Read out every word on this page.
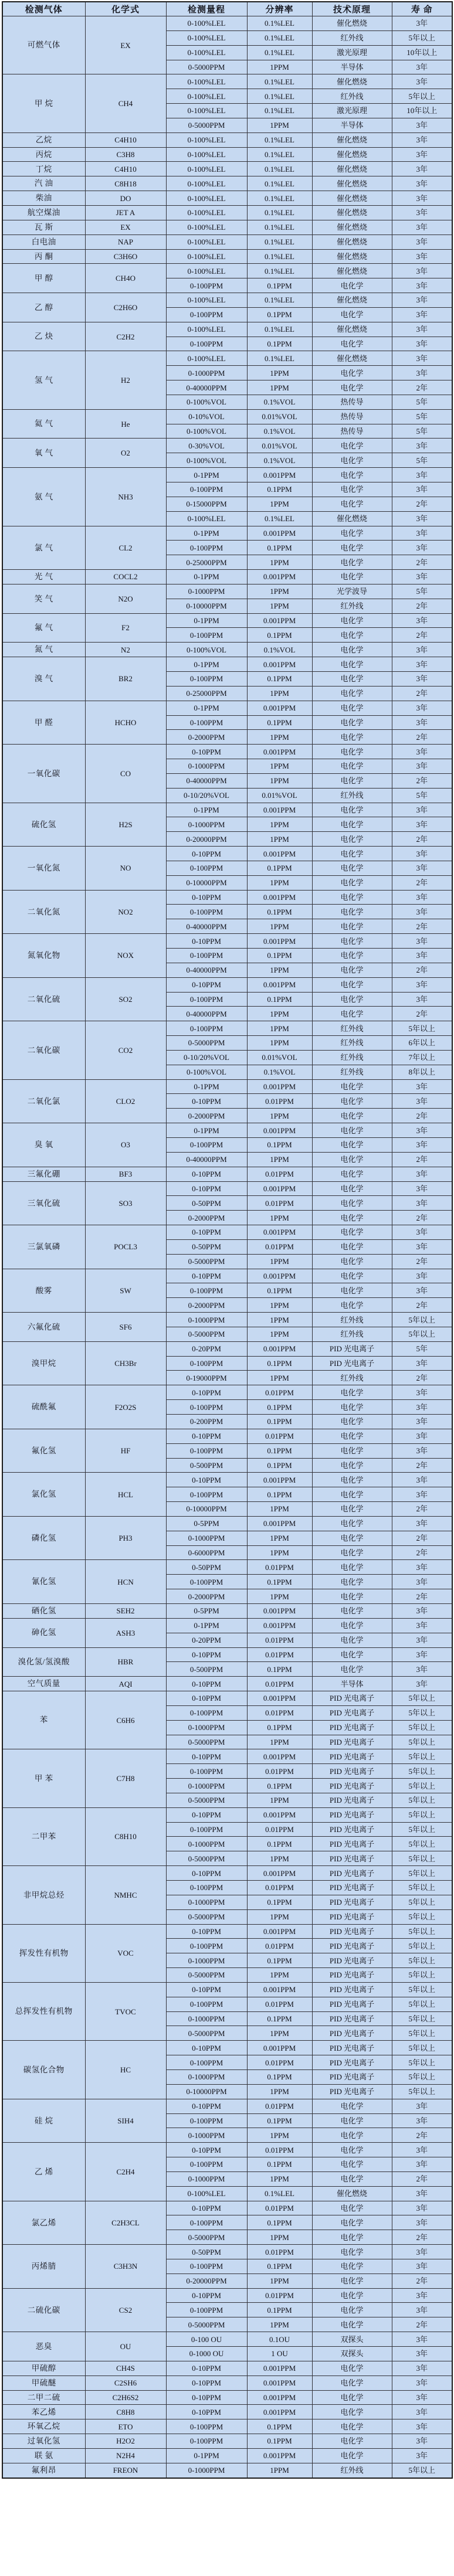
检测气体	化学式	检测量程	分辨率	技术原理	寿 命
可燃气体	EX	0-100%LEL	0.1%LEL	催化燃烧	3年
		0-100%LEL	0.1%LEL	红外线	5年以上
		0-100%LEL	0.1%LEL	激光原理	10年以上
		0-5000PPM	1PPM	半导体	3年
甲 烷	CH4	0-100%LEL	0.1%LEL	催化燃烧	3年
		0-100%LEL	0.1%LEL	红外线	5年以上
		0-100%LEL	0.1%LEL	激光原理	10年以上
		0-5000PPM	1PPM	半导体	3年
乙烷	C4H10	0-100%LEL	0.1%LEL	催化燃烧	3年
丙烷	C3H8	0-100%LEL	0.1%LEL	催化燃烧	3年
丁烷	C4H10	0-100%LEL	0.1%LEL	催化燃烧	3年
汽 油	C8H18	0-100%LEL	0.1%LEL	催化燃烧	3年
柴油	DO	0-100%LEL	0.1%LEL	催化燃烧	3年
航空煤油	JET A	0-100%LEL	0.1%LEL	催化燃烧	3年
瓦 斯	EX	0-100%LEL	0.1%LEL	催化燃烧	3年
白电油	NAP	0-100%LEL	0.1%LEL	催化燃烧	3年
丙 酮	C3H6O	0-100%LEL	0.1%LEL	催化燃烧	3年
甲 醇	CH4O	0-100%LEL	0.1%LEL	催化燃烧	3年
		0-100PPM	0.1PPM	电化学	3年
乙 醇	C2H6O	0-100%LEL	0.1%LEL	催化燃烧	3年
		0-100PPM	0.1PPM	电化学	3年
乙 炔	C2H2	0-100%LEL	0.1%LEL	催化燃烧	3年
		0-100PPM	0.1PPM	电化学	3年
氢 气	H2	0-100%LEL	0.1%LEL	催化燃烧	3年
		0-1000PPM	1PPM	电化学	3年
		0-40000PPM	1PPM	电化学	2年
		0-100%VOL	0.1%VOL	热传导	5年
氦 气	He	0-10%VOL	0.01%VOL	热传导	5年
		0-100%VOL	0.1%VOL	热传导	5年
氧 气	O2	0-30%VOL	0.01%VOL	电化学	3年
		0-100%VOL	0.1%VOL	电化学	5年
氨 气	NH3	0-1PPM	0.001PPM	电化学	3年
		0-100PPM	0.1PPM	电化学	3年
		0-15000PPM	1PPM	电化学	2年
		0-100%LEL	0.1%LEL	催化燃烧	3年
氯 气	CL2	0-1PPM	0.001PPM	电化学	3年
		0-100PPM	0.1PPM	电化学	3年
		0-25000PPM	1PPM	电化学	2年
光 气	COCL2	0-1PPM	0.001PPM	电化学	3年
笑 气	N2O	0-1000PPM	1PPM	光学波导	5年
		0-10000PPM	1PPM	红外线	2年
氟 气	F2	0-1PPM	0.001PPM	电化学	3年
		0-100PPM	0.1PPM	电化学	2年
氮 气	N2	0-100%VOL	0.1%VOL	电化学	3年
溴 气	BR2	0-1PPM	0.001PPM	电化学	3年
		0-100PPM	0.1PPM	电化学	3年
		0-25000PPM	1PPM	电化学	2年
甲 醛	HCHO	0-1PPM	0.001PPM	电化学	3年
		0-100PPM	0.1PPM	电化学	3年
		0-2000PPM	1PPM	电化学	2年
一氧化碳	CO	0-10PPM	0.001PPM	电化学	3年
		0-1000PPM	1PPM	电化学	3年
		0-40000PPM	1PPM	电化学	2年
		0-10/20%VOL	0.01%VOL	红外线	5年
硫化氢	H2S	0-1PPM	0.001PPM	电化学	3年
		0-1000PPM	1PPM	电化学	3年
		0-20000PPM	1PPM	电化学	2年
一氧化氮	NO	0-10PPM	0.001PPM	电化学	3年
		0-100PPM	0.1PPM	电化学	3年
		0-10000PPM	1PPM	电化学	2年
二氧化氮	NO2	0-10PPM	0.001PPM	电化学	3年
		0-100PPM	0.1PPM	电化学	3年
		0-40000PPM	1PPM	电化学	2年
氮氧化物	NOX	0-10PPM	0.001PPM	电化学	3年
		0-100PPM	0.1PPM	电化学	3年
		0-40000PPM	1PPM	电化学	2年
二氧化硫	SO2	0-10PPM	0.001PPM	电化学	3年
		0-100PPM	0.1PPM	电化学	3年
		0-40000PPM	1PPM	电化学	2年
二氧化碳	CO2	0-100PPM	1PPM	红外线	5年以上
		0-5000PPM	1PPM	红外线	6年以上
		0-10/20%VOL	0.01%VOL	红外线	7年以上
		0-100%VOL	0.1%VOL	红外线	8年以上
二氧化氯	CLO2	0-1PPM	0.001PPM	电化学	3年
		0-10PPM	0.01PPM	电化学	3年
		0-2000PPM	1PPM	电化学	2年
臭 氧	O3	0-1PPM	0.001PPM	电化学	3年
		0-100PPM	0.1PPM	电化学	3年
		0-40000PPM	1PPM	电化学	2年
三氟化硼	BF3	0-10PPM	0.01PPM	电化学	3年
三氧化硫	SO3	0-10PPM	0.001PPM	电化学	3年
		0-50PPM	0.01PPM	电化学	3年
		0-2000PPM	1PPM	电化学	2年
三氯氧磷	POCL3	0-10PPM	0.001PPM	电化学	3年
		0-50PPM	0.01PPM	电化学	3年
		0-5000PPM	1PPM	电化学	2年
酸雾	SW	0-10PPM	0.001PPM	电化学	3年
		0-100PPM	0.1PPM	电化学	3年
		0-2000PPM	1PPM	电化学	2年
六氟化硫	SF6	0-1000PPM	1PPM	红外线	5年以上
		0-5000PPM	1PPM	红外线	5年以上
溴甲烷	CH3Br	0-20PPM	0.001PPM	PID 光电离子	5年
		0-100PPM	0.1PPM	PID 光电离子	3年
		0-19000PPM	1PPM	红外线	2年
硫酰氟	F2O2S	0-10PPM	0.01PPM	电化学	3年
		0-100PPM	0.1PPM	电化学	3年
		0-200PPM	0.1PPM	电化学	3年
氟化氢	HF	0-10PPM	0.01PPM	电化学	3年
		0-100PPM	0.1PPM	电化学	3年
		0-500PPM	0.1PPM	电化学	2年
氯化氢	HCL	0-10PPM	0.001PPM	电化学	3年
		0-100PPM	0.1PPM	电化学	3年
		0-10000PPM	1PPM	电化学	2年
磷化氢	PH3	0-5PPM	0.001PPM	电化学	3年
		0-1000PPM	1PPM	电化学	2年
		0-6000PPM	1PPM	电化学	2年
氰化氢	HCN	0-50PPM	0.01PPM	电化学	3年
		0-100PPM	0.1PPM	电化学	3年
		0-2000PPM	1PPM	电化学	2年
硒化氢	SEH2	0-5PPM	0.001PPM	电化学	3年
砷化氢	ASH3	0-1PPM	0.001PPM	电化学	3年
		0-20PPM	0.01PPM	电化学	3年
溴化氢/氢溴酸	HBR	0-10PPM	0.01PPM	电化学	3年
		0-500PPM	0.1PPM	电化学	3年
空气质量	AQI	0-10PPM	0.01PPM	半导体	3年
苯	C6H6	0-10PPM	0.001PPM	PID 光电离子	5年以上
		0-100PPM	0.01PPM	PID 光电离子	5年以上
		0-1000PPM	0.1PPM	PID 光电离子	5年以上
		0-5000PPM	1PPM	PID 光电离子	5年以上
甲 苯	C7H8	0-10PPM	0.001PPM	PID 光电离子	5年以上
		0-100PPM	0.01PPM	PID 光电离子	5年以上
		0-1000PPM	0.1PPM	PID 光电离子	5年以上
		0-5000PPM	1PPM	PID 光电离子	5年以上
二甲苯	C8H10	0-10PPM	0.001PPM	PID 光电离子	5年以上
		0-100PPM	0.01PPM	PID 光电离子	5年以上
		0-1000PPM	0.1PPM	PID 光电离子	5年以上
		0-5000PPM	1PPM	PID 光电离子	5年以上
非甲烷总烃	NMHC	0-10PPM	0.001PPM	PID 光电离子	5年以上
		0-100PPM	0.01PPM	PID 光电离子	5年以上
		0-1000PPM	0.1PPM	PID 光电离子	5年以上
		0-5000PPM	1PPM	PID 光电离子	5年以上
挥发性有机物	VOC	0-10PPM	0.001PPM	PID 光电离子	5年以上
		0-100PPM	0.01PPM	PID 光电离子	5年以上
		0-1000PPM	0.1PPM	PID 光电离子	5年以上
		0-5000PPM	1PPM	PID 光电离子	5年以上
总挥发性有机物	TVOC	0-10PPM	0.001PPM	PID 光电离子	5年以上
		0-100PPM	0.01PPM	PID 光电离子	5年以上
		0-1000PPM	0.1PPM	PID 光电离子	5年以上
		0-5000PPM	1PPM	PID 光电离子	5年以上
碳氢化合物	HC	0-10PPM	0.001PPM	PID 光电离子	5年以上
		0-100PPM	0.01PPM	PID 光电离子	5年以上
		0-1000PPM	0.1PPM	PID 光电离子	5年以上
		0-10000PPM	1PPM	PID 光电离子	5年以上
硅 烷	SIH4	0-10PPM	0.01PPM	电化学	3年
		0-100PPM	0.1PPM	电化学	3年
		0-1000PPM	1PPM	电化学	2年
乙 烯	C2H4	0-10PPM	0.01PPM	电化学	3年
		0-100PPM	0.1PPM	电化学	3年
		0-1000PPM	1PPM	电化学	2年
		0-100%LEL	0.1%LEL	催化燃烧	3年
氯乙烯	C2H3CL	0-10PPM	0.01PPM	电化学	3年
		0-100PPM	0.1PPM	电化学	3年
		0-5000PPM	1PPM	电化学	2年
丙烯腈	C3H3N	0-50PPM	0.01PPM	电化学	3年
		0-100PPM	0.1PPM	电化学	3年
		0-20000PPM	1PPM	电化学	2年
二硫化碳	CS2	0-10PPM	0.01PPM	电化学	3年
		0-100PPM	0.1PPM	电化学	3年
		0-5000PPM	1PPM	电化学	2年
恶臭	OU	0-100 OU	0.1OU	双探头	3年
		0-1000 OU	1 OU	双探头	3年
甲硫醇	CH4S	0-10PPM	0.001PPM	电化学	3年
甲硫醚	C2SH6	0-10PPM	0.001PPM	电化学	3年
二甲二硫	C2H6S2	0-10PPM	0.001PPM	电化学	3年
苯乙烯	C8H8	0-10PPM	0.001PPM	电化学	3年
环氧乙烷	ETO	0-100PPM	0.1PPM	电化学	3年
过氧化氢	H2O2	0-100PPM	0.1PPM	电化学	3年
联 氨	N2H4	0-1PPM	0.001PPM	电化学	3年
氟利昂	FREON	0-1000PPM	1PPM	红外线	5年以上
